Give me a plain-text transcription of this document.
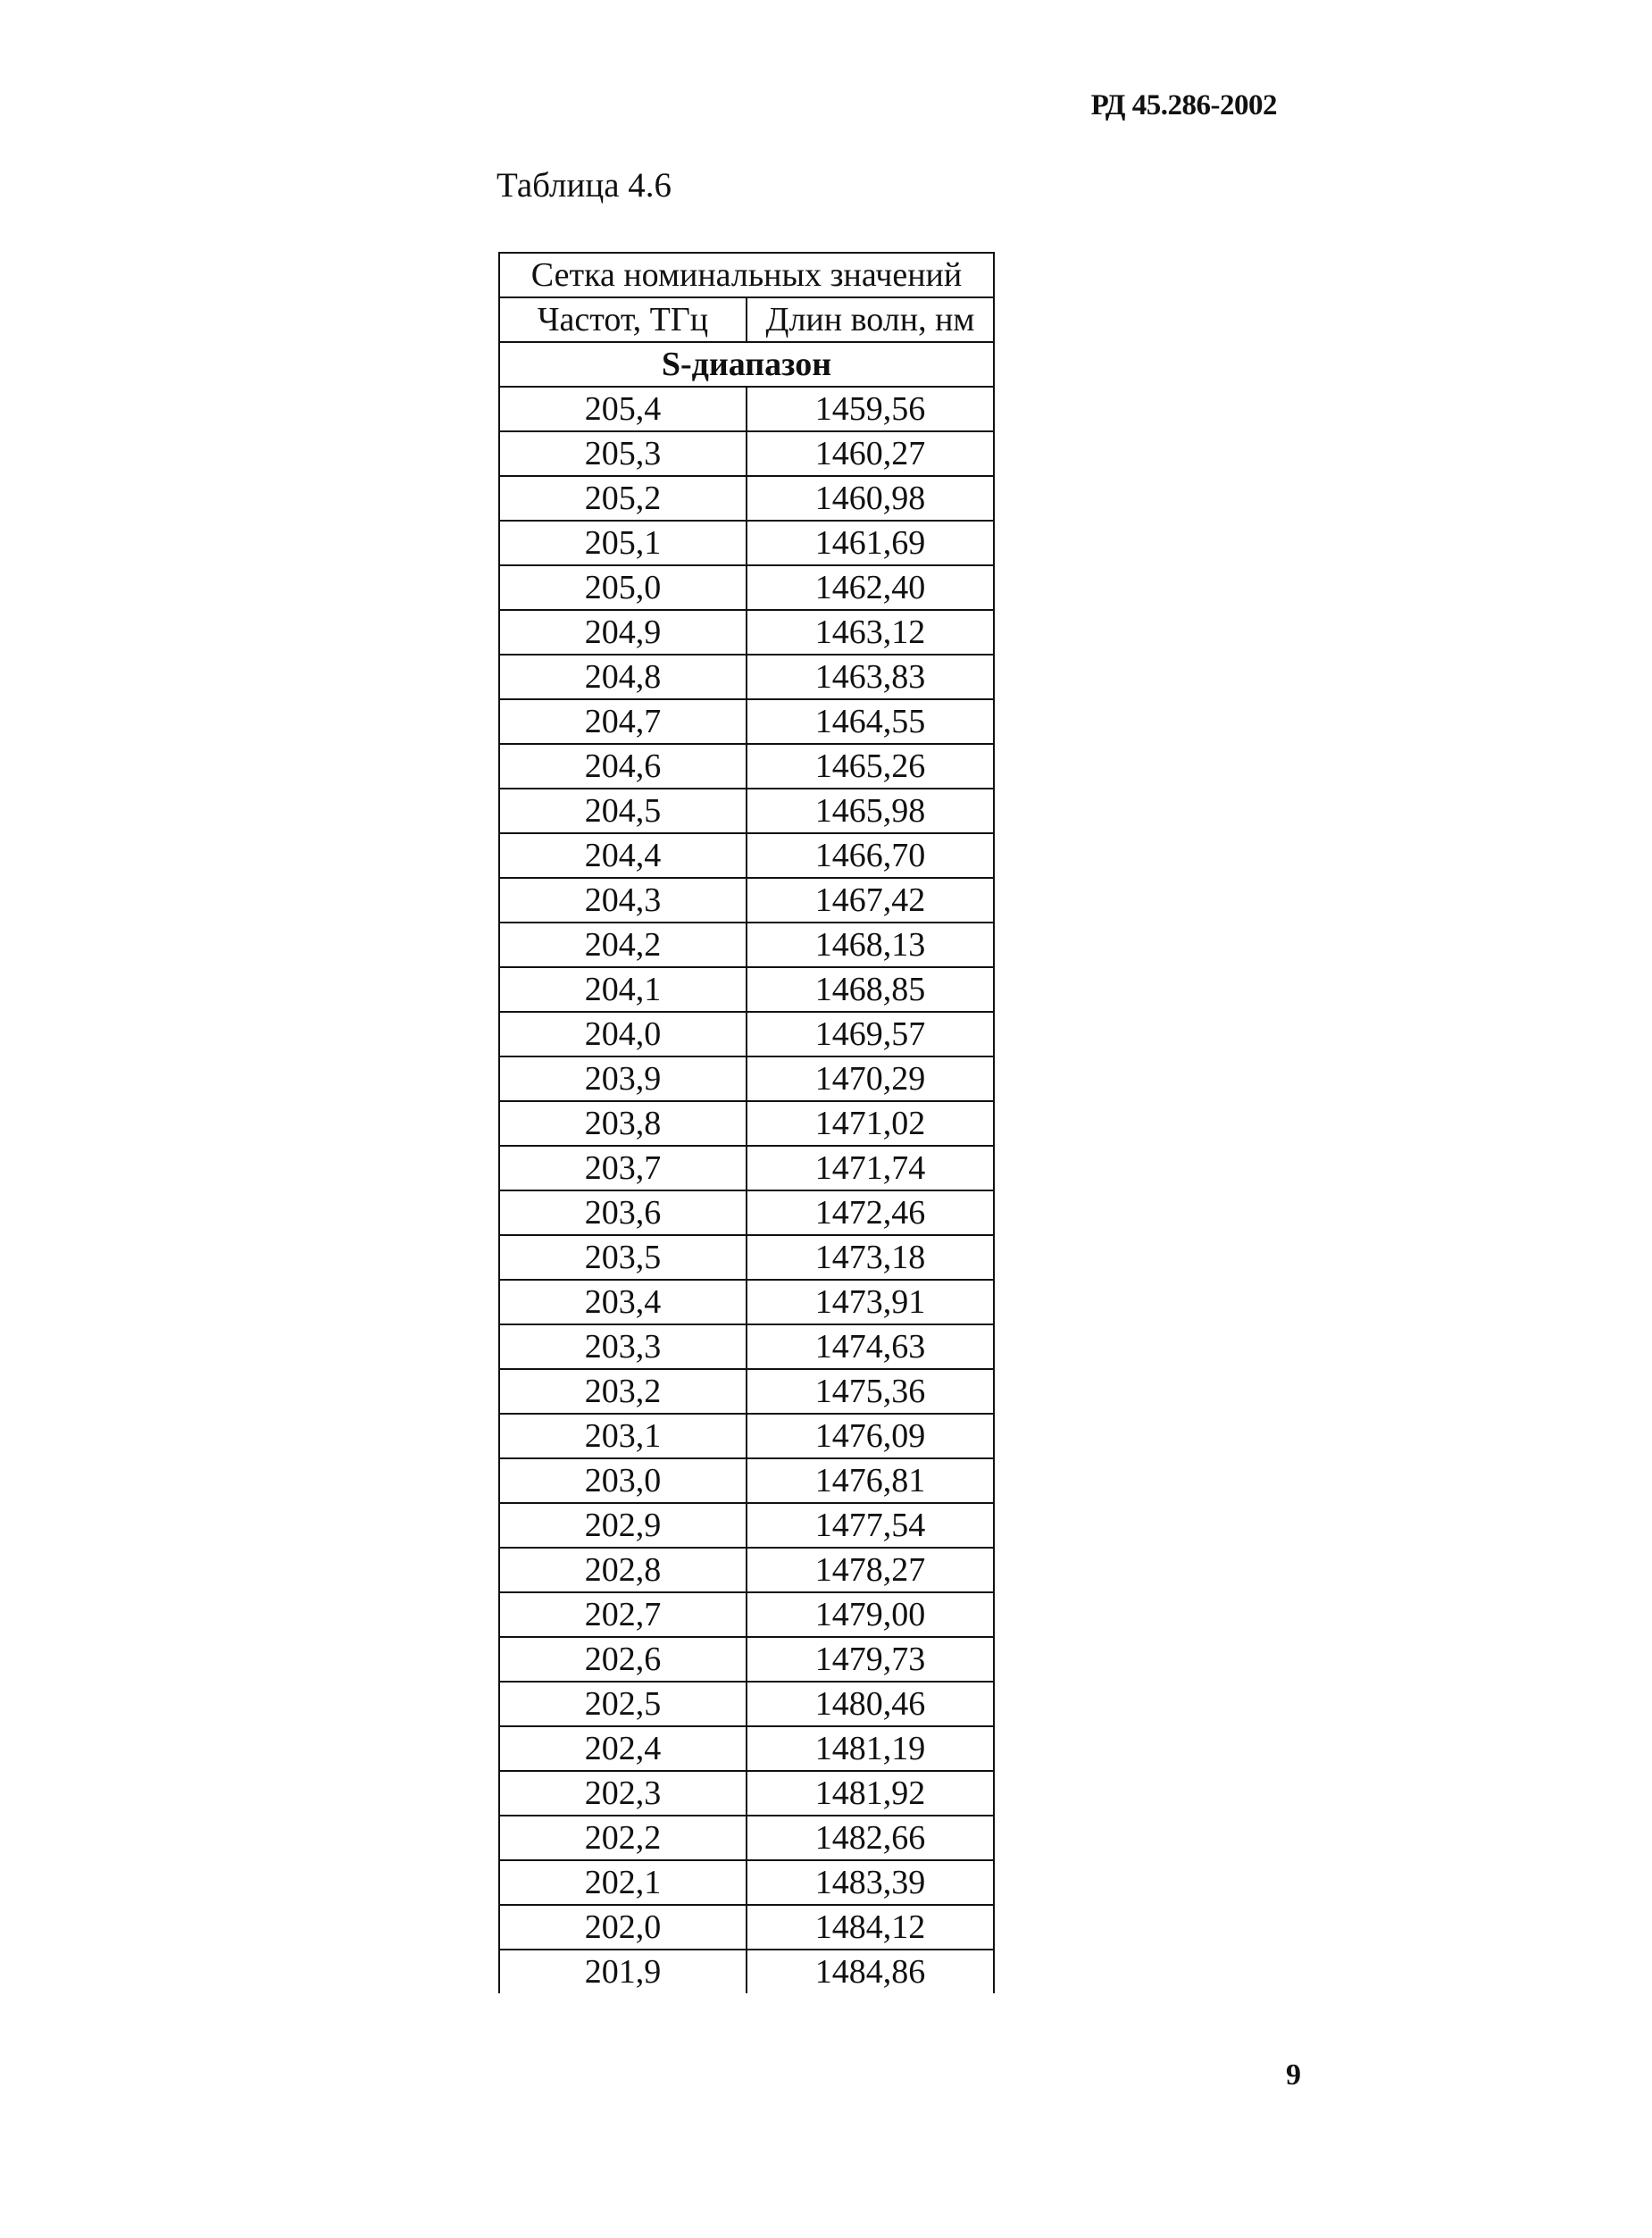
РД 45.286-2002
Таблица 4.6
Сетка номинальных значений	
Частот, ТГц	Длин волн, нм
S-диапазон	
205,4	1459,56
205,3	1460,27
205,2	1460,98
205,1	1461,69
205,0	1462,40
204,9	1463,12
204,8	1463,83
204,7	1464,55
204,6	1465,26
204,5	1465,98
204,4	1466,70
204,3	1467,42
204,2	1468,13
204,1	1468,85
204,0	1469,57
203,9	1470,29
203,8	1471,02
203,7	1471,74
203,6	1472,46
203,5	1473,18
203,4	1473,91
203,3	1474,63
203,2	1475,36
203,1	1476,09
203,0	1476,81
202,9	1477,54
202,8	1478,27
202,7	1479,00
202,6	1479,73
202,5	1480,46
202,4	1481,19
202,3	1481,92
202,2	1482,66
202,1	1483,39
202,0	1484,12
201,9	1484,86
9
